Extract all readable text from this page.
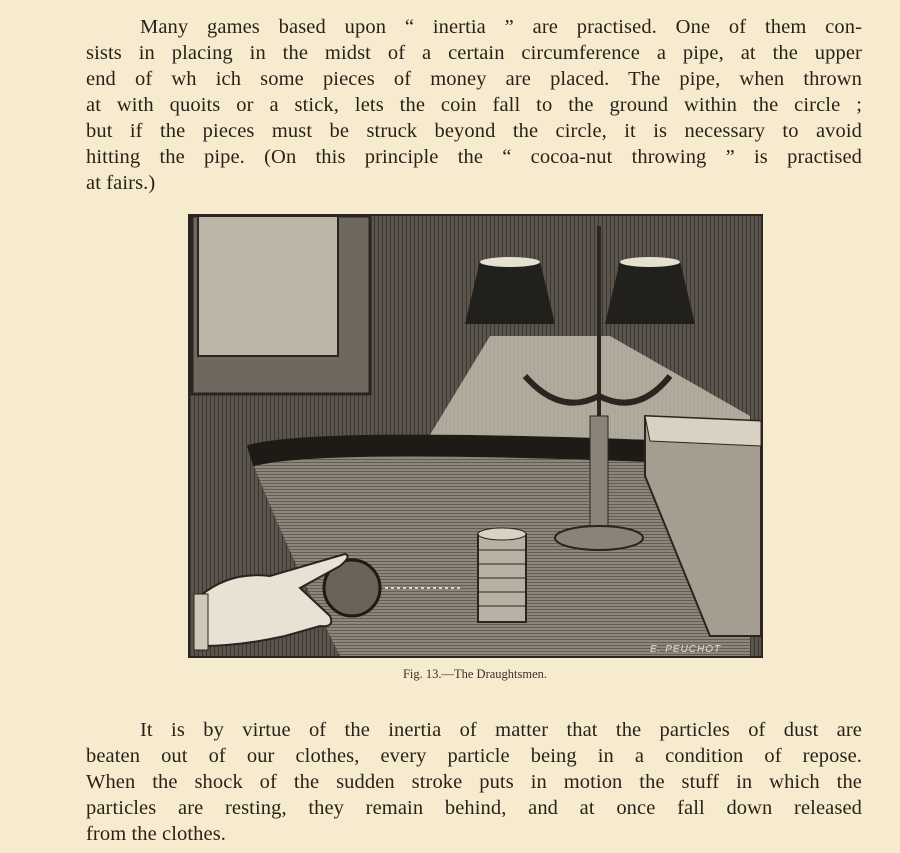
Many games based upon “ inertia ” are practised. One of them con-
sists in placing in the midst of a certain circumference a pipe, at the upper
end of wh ich some pieces of money are placed. The pipe, when thrown
at with quoits or a stick, lets the coin fall to the ground within the circle ;
but if the pieces must be struck beyond the circle, it is necessary to avoid
hitting the pipe. (On this principle the “ cocoa-nut throwing ” is practised
at fairs.)
E. PEUCHOT
Fig. 13.—The Draughtsmen.
It is by virtue of the inertia of matter that the particles of dust are
beaten out of our clothes, every particle being in a condition of repose.
When the shock of the sudden stroke puts in motion the stuff in which the
particles are resting, they remain behind, and at once fall down released
from the clothes.
